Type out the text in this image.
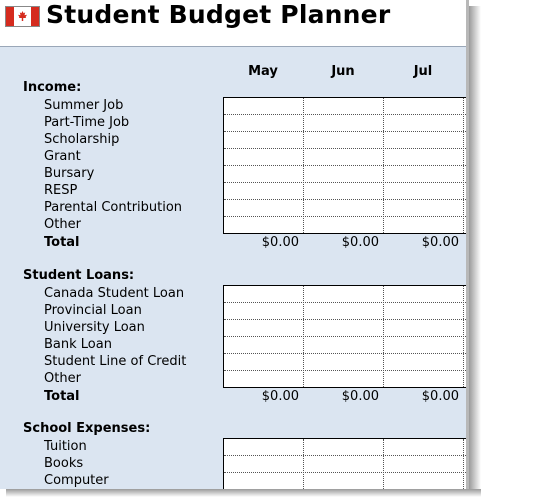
Student Budget Planner
May	Jun	Jul
Income:
Summer Job
Part-Time Job
Scholarship
Grant
Bursary
RESP
Parental Contribution
Other
Total	$0.00	$0.00	$0.00
Student Loans:
Canada Student Loan
Provincial Loan
University Loan
Bank Loan
Student Line of Credit
Other
Total	$0.00	$0.00	$0.00
School Expenses:
Tuition
Books
Computer
